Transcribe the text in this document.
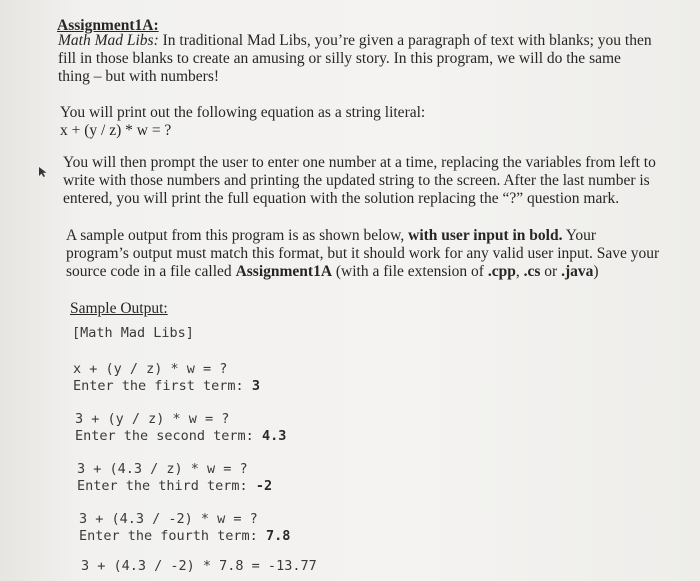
Assignment1A:
Math Mad Libs: In traditional Mad Libs, you’re given a paragraph of text with blanks; you then
fill in those blanks to create an amusing or silly story. In this program, we will do the same
thing – but with numbers!
You will print out the following equation as a string literal:
x + (y / z) * w = ?
You will then prompt the user to enter one number at a time, replacing the variables from left to
write with those numbers and printing the updated string to the screen. After the last number is
entered, you will print the full equation with the solution replacing the “?” question mark.
A sample output from this program is as shown below, with user input in bold. Your
program’s output must match this format, but it should work for any valid user input. Save your
source code in a file called Assignment1A (with a file extension of .cpp, .cs or .java)
Sample Output:
[Math Mad Libs]
x + (y / z) * w = ?
Enter the first term: 3
3 + (y / z) * w = ?
Enter the second term: 4.3
3 + (4.3 / z) * w = ?
Enter the third term: -2
3 + (4.3 / -2) * w = ?
Enter the fourth term: 7.8
3 + (4.3 / -2) * 7.8 = -13.77
